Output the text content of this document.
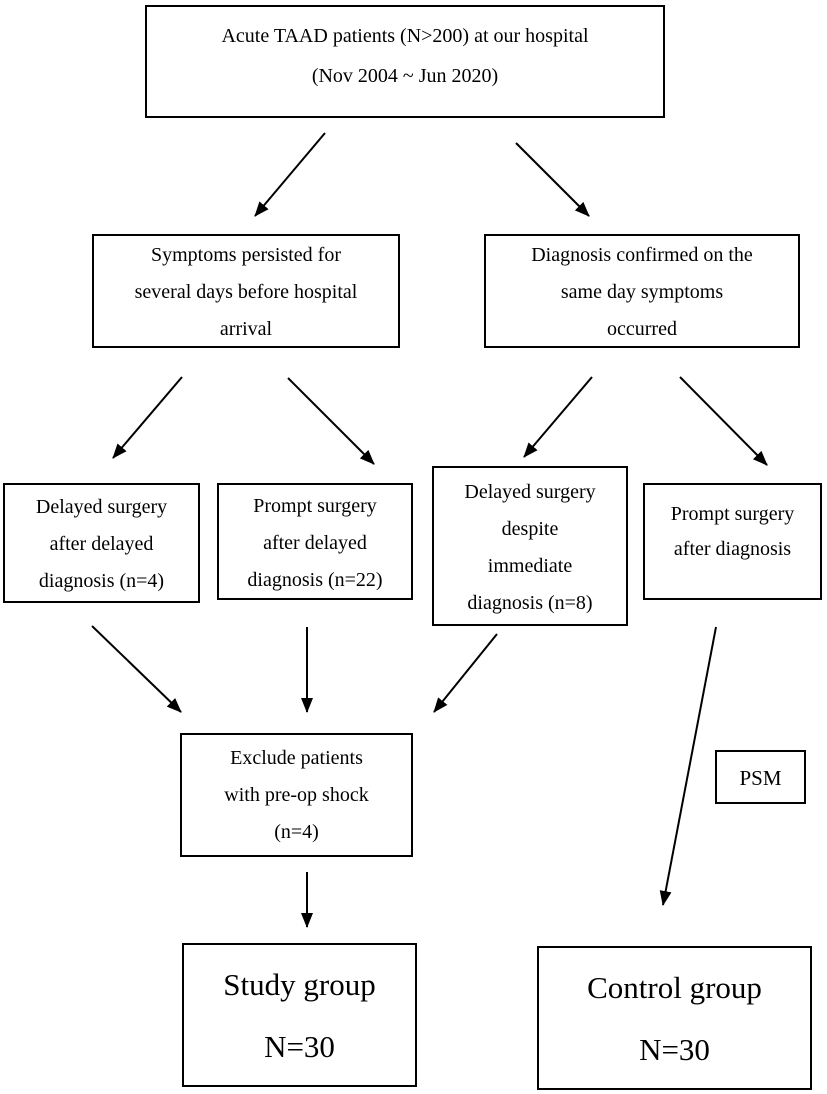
Acute TAAD patients (N>200) at our hospital
(Nov 2004 ~ Jun 2020)
Symptoms persisted for
several days before hospital
arrival
Diagnosis confirmed on the
same day symptoms
occurred
Delayed surgery
after delayed
diagnosis (n=4)
Prompt surgery
after delayed
diagnosis (n=22)
Delayed surgery
despite
immediate
diagnosis (n=8)
Prompt surgery
after diagnosis
Exclude patients
with pre-op shock
(n=4)
PSM
Study group
N=30
Control group
N=30
